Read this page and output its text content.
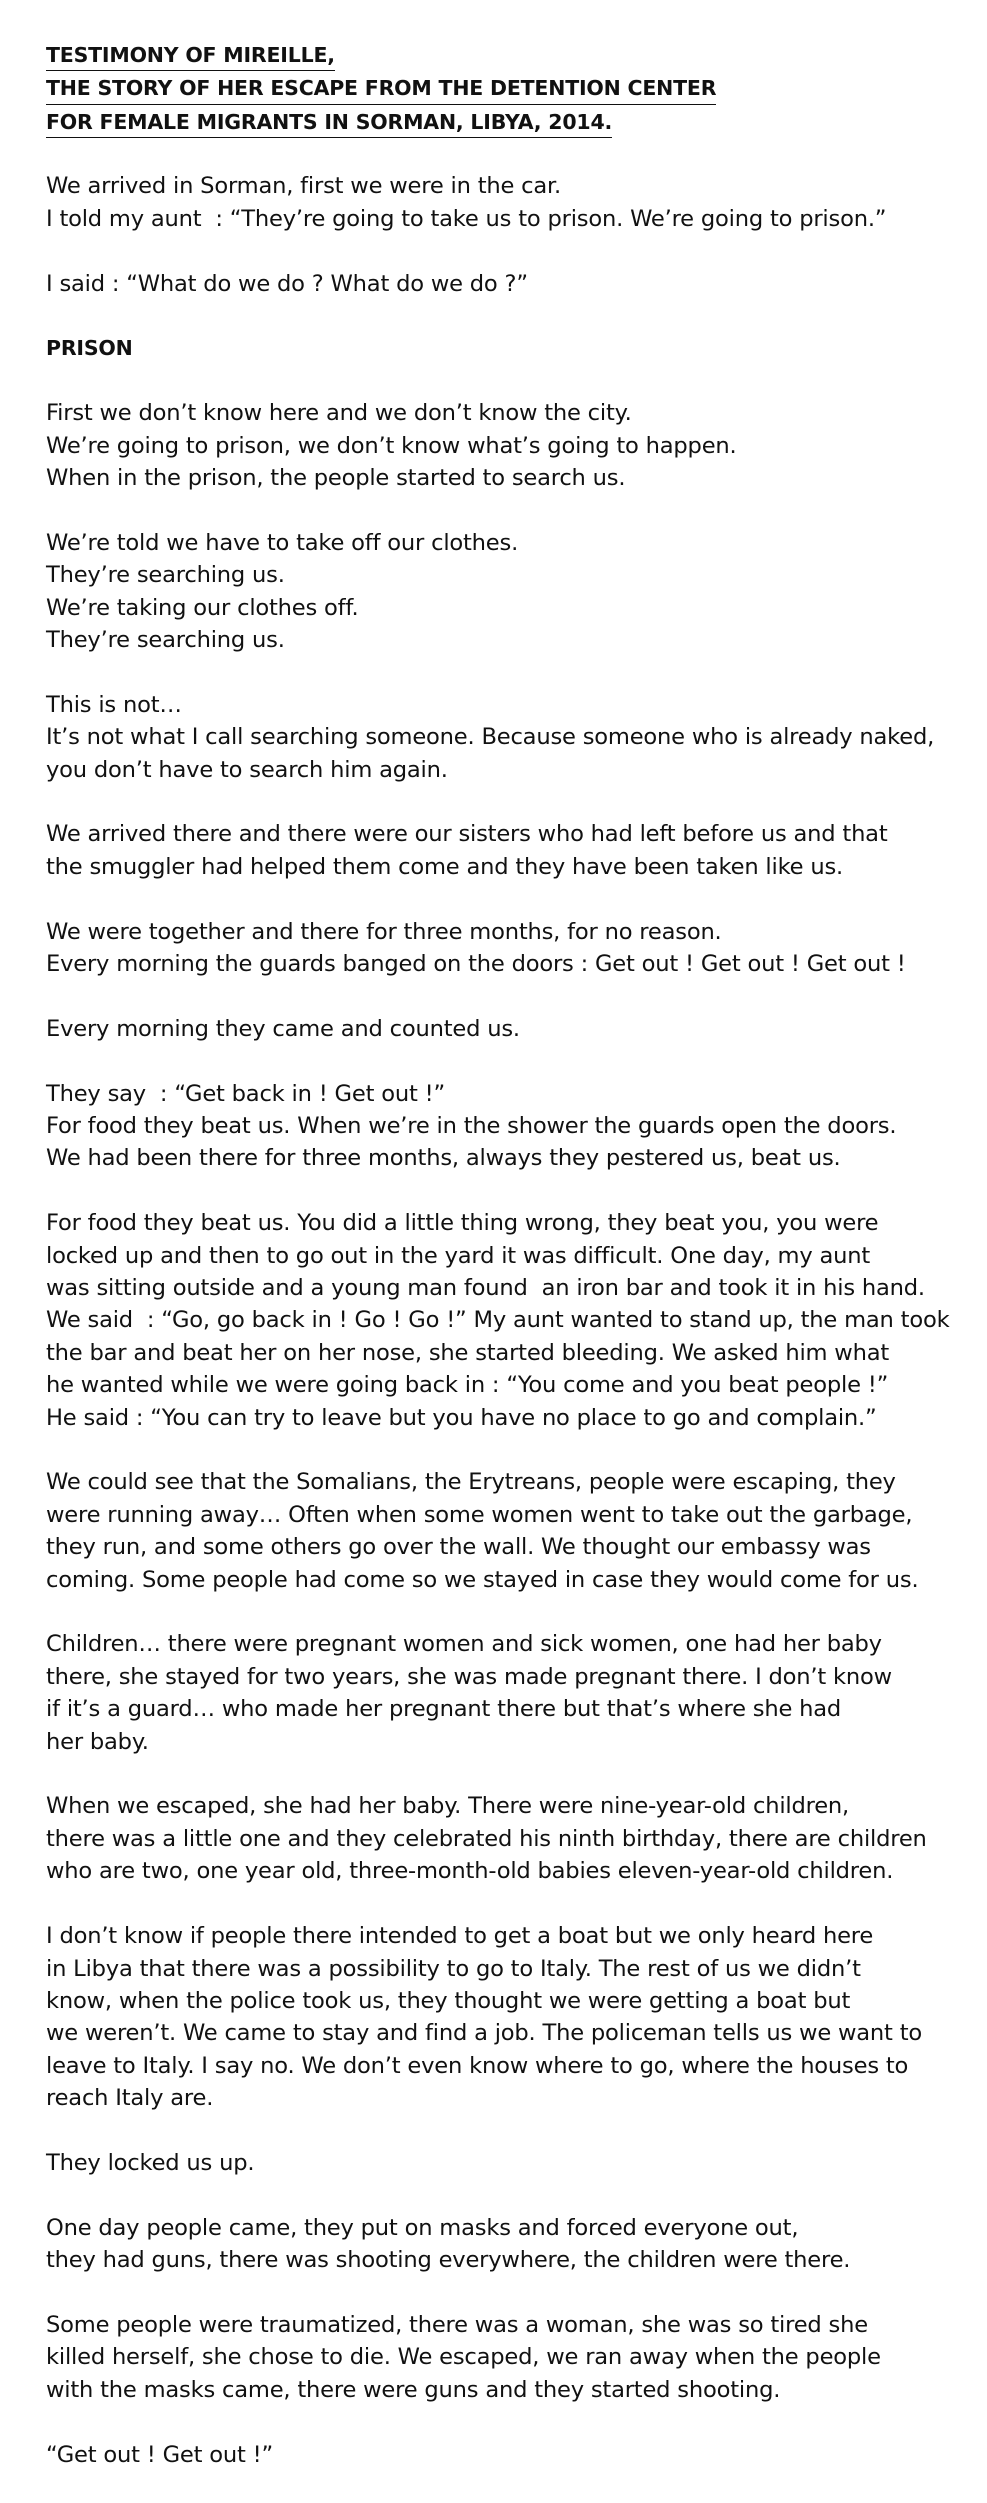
TESTIMONY OF MIREILLE,
THE STORY OF HER ESCAPE FROM THE DETENTION CENTER
FOR FEMALE MIGRANTS IN SORMAN, LIBYA, 2014.
We arrived in Sorman, first we were in the car.
I told my aunt  : “They’re going to take us to prison. We’re going to prison.”
I said : “What do we do ? What do we do ?”
PRISON
First we don’t know here and we don’t know the city.
We’re going to prison, we don’t know what’s going to happen.
When in the prison, the people started to search us.
We’re told we have to take off our clothes.
They’re searching us.
We’re taking our clothes off.
They’re searching us.
This is not…
It’s not what I call searching someone. Because someone who is already naked,
you don’t have to search him again.
We arrived there and there were our sisters who had left before us and that
the smuggler had helped them come and they have been taken like us.
We were together and there for three months, for no reason.
Every morning the guards banged on the doors : Get out ! Get out ! Get out !
Every morning they came and counted us.
They say  : “Get back in ! Get out !”
For food they beat us. When we’re in the shower the guards open the doors.
We had been there for three months, always they pestered us, beat us.
For food they beat us. You did a little thing wrong, they beat you, you were
locked up and then to go out in the yard it was difficult. One day, my aunt
was sitting outside and a young man found  an iron bar and took it in his hand.
We said  : “Go, go back in ! Go ! Go !” My aunt wanted to stand up, the man took
the bar and beat her on her nose, she started bleeding. We asked him what
he wanted while we were going back in : “You come and you beat people !”
He said : “You can try to leave but you have no place to go and complain.”
We could see that the Somalians, the Erytreans, people were escaping, they
were running away… Often when some women went to take out the garbage,
they run, and some others go over the wall. We thought our embassy was
coming. Some people had come so we stayed in case they would come for us.
Children… there were pregnant women and sick women, one had her baby
there, she stayed for two years, she was made pregnant there. I don’t know
if it’s a guard… who made her pregnant there but that’s where she had
her baby.
When we escaped, she had her baby. There were nine-year-old children,
there was a little one and they celebrated his ninth birthday, there are children
who are two, one year old, three-month-old babies eleven-year-old children.
I don’t know if people there intended to get a boat but we only heard here
in Libya that there was a possibility to go to Italy. The rest of us we didn’t
know, when the police took us, they thought we were getting a boat but
we weren’t. We came to stay and find a job. The policeman tells us we want to
leave to Italy. I say no. We don’t even know where to go, where the houses to
reach Italy are.
They locked us up.
One day people came, they put on masks and forced everyone out,
they had guns, there was shooting everywhere, the children were there.
Some people were traumatized, there was a woman, she was so tired she
killed herself, she chose to die. We escaped, we ran away when the people
with the masks came, there were guns and they started shooting.
“Get out ! Get out !”
